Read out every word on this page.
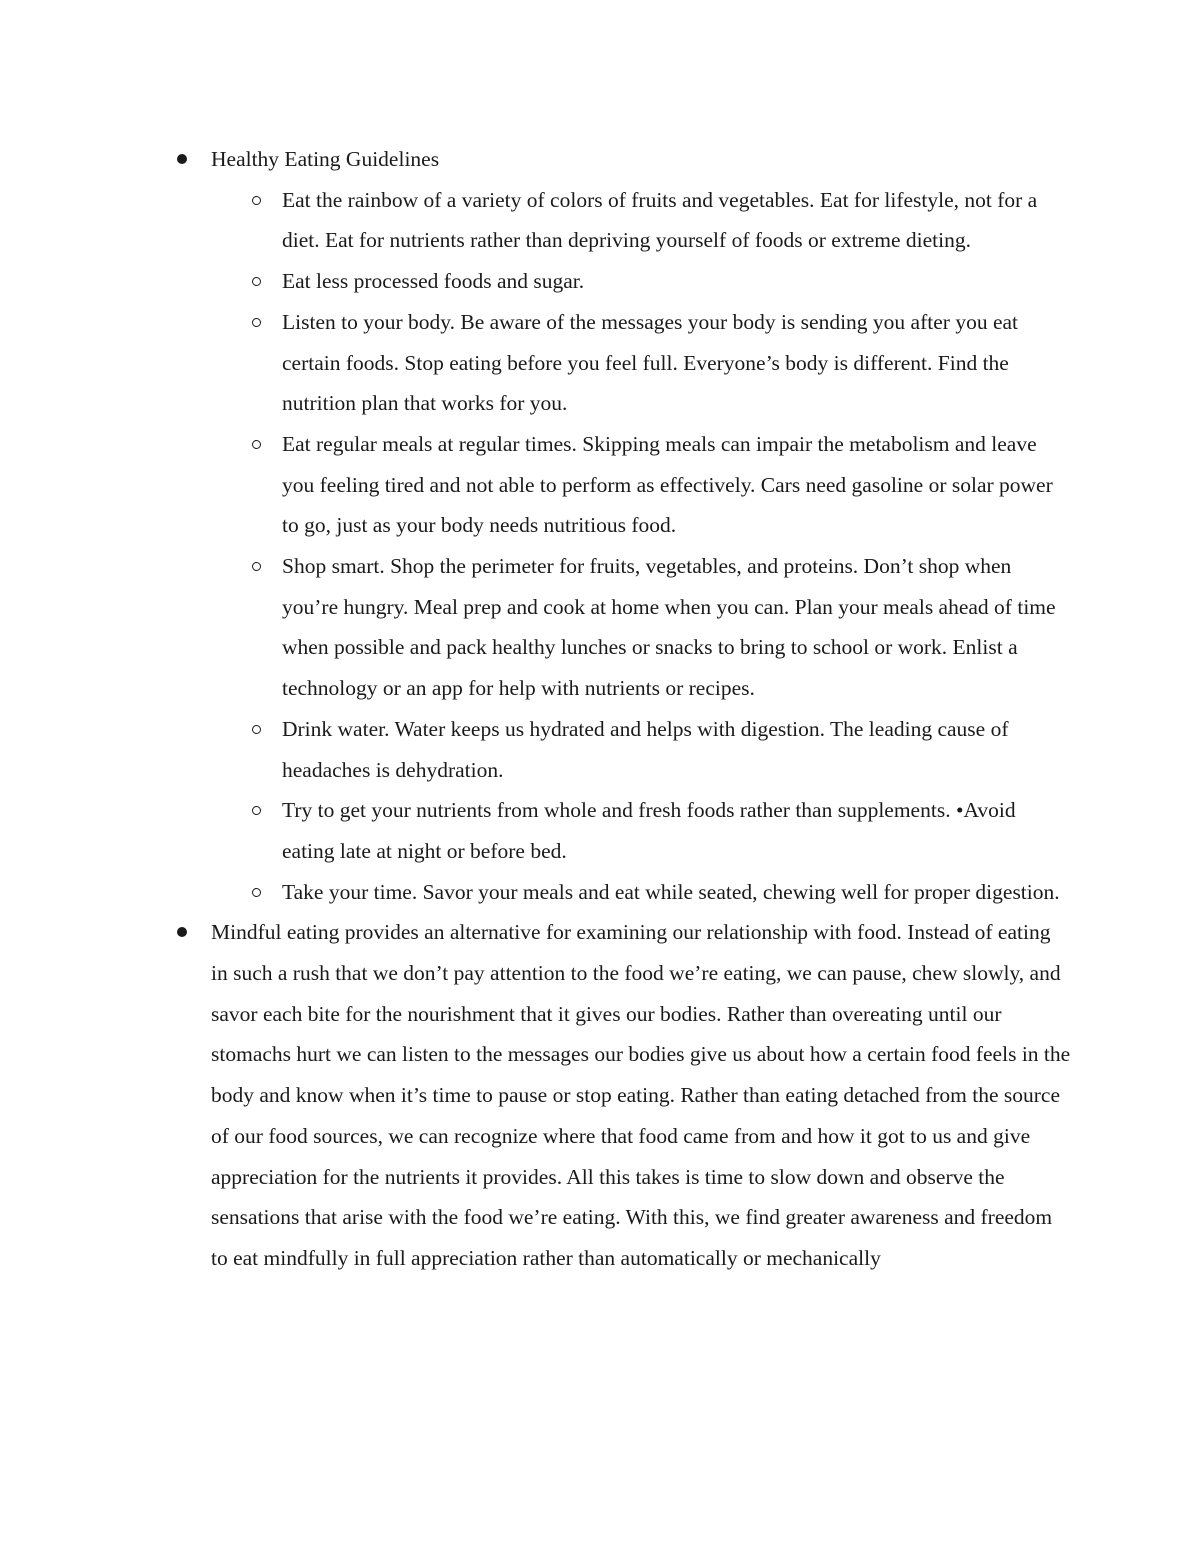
Healthy Eating Guidelines
Eat the rainbow of a variety of colors of fruits and vegetables. Eat for lifestyle, not for a diet. Eat for nutrients rather than depriving yourself of foods or extreme dieting.
Eat less processed foods and sugar.
Listen to your body. Be aware of the messages your body is sending you after you eat certain foods. Stop eating before you feel full. Everyone’s body is different. Find the nutrition plan that works for you.
Eat regular meals at regular times. Skipping meals can impair the metabolism and leave you feeling tired and not able to perform as effectively. Cars need gasoline or solar power to go, just as your body needs nutritious food.
Shop smart. Shop the perimeter for fruits, vegetables, and proteins. Don’t shop when you’re hungry. Meal prep and cook at home when you can. Plan your meals ahead of time when possible and pack healthy lunches or snacks to bring to school or work. Enlist a technology or an app for help with nutrients or recipes.
Drink water. Water keeps us hydrated and helps with digestion. The leading cause of headaches is dehydration.
Try to get your nutrients from whole and fresh foods rather than supplements. •Avoid eating late at night or before bed.
Take your time. Savor your meals and eat while seated, chewing well for proper digestion.
Mindful eating provides an alternative for examining our relationship with food. Instead of eating in such a rush that we don’t pay attention to the food we’re eating, we can pause, chew slowly, and savor each bite for the nourishment that it gives our bodies. Rather than overeating until our stomachs hurt we can listen to the messages our bodies give us about how a certain food feels in the body and know when it’s time to pause or stop eating. Rather than eating detached from the source of our food sources, we can recognize where that food came from and how it got to us and give appreciation for the nutrients it provides. All this takes is time to slow down and observe the sensations that arise with the food we’re eating. With this, we find greater awareness and freedom to eat mindfully in full appreciation rather than automatically or mechanically
